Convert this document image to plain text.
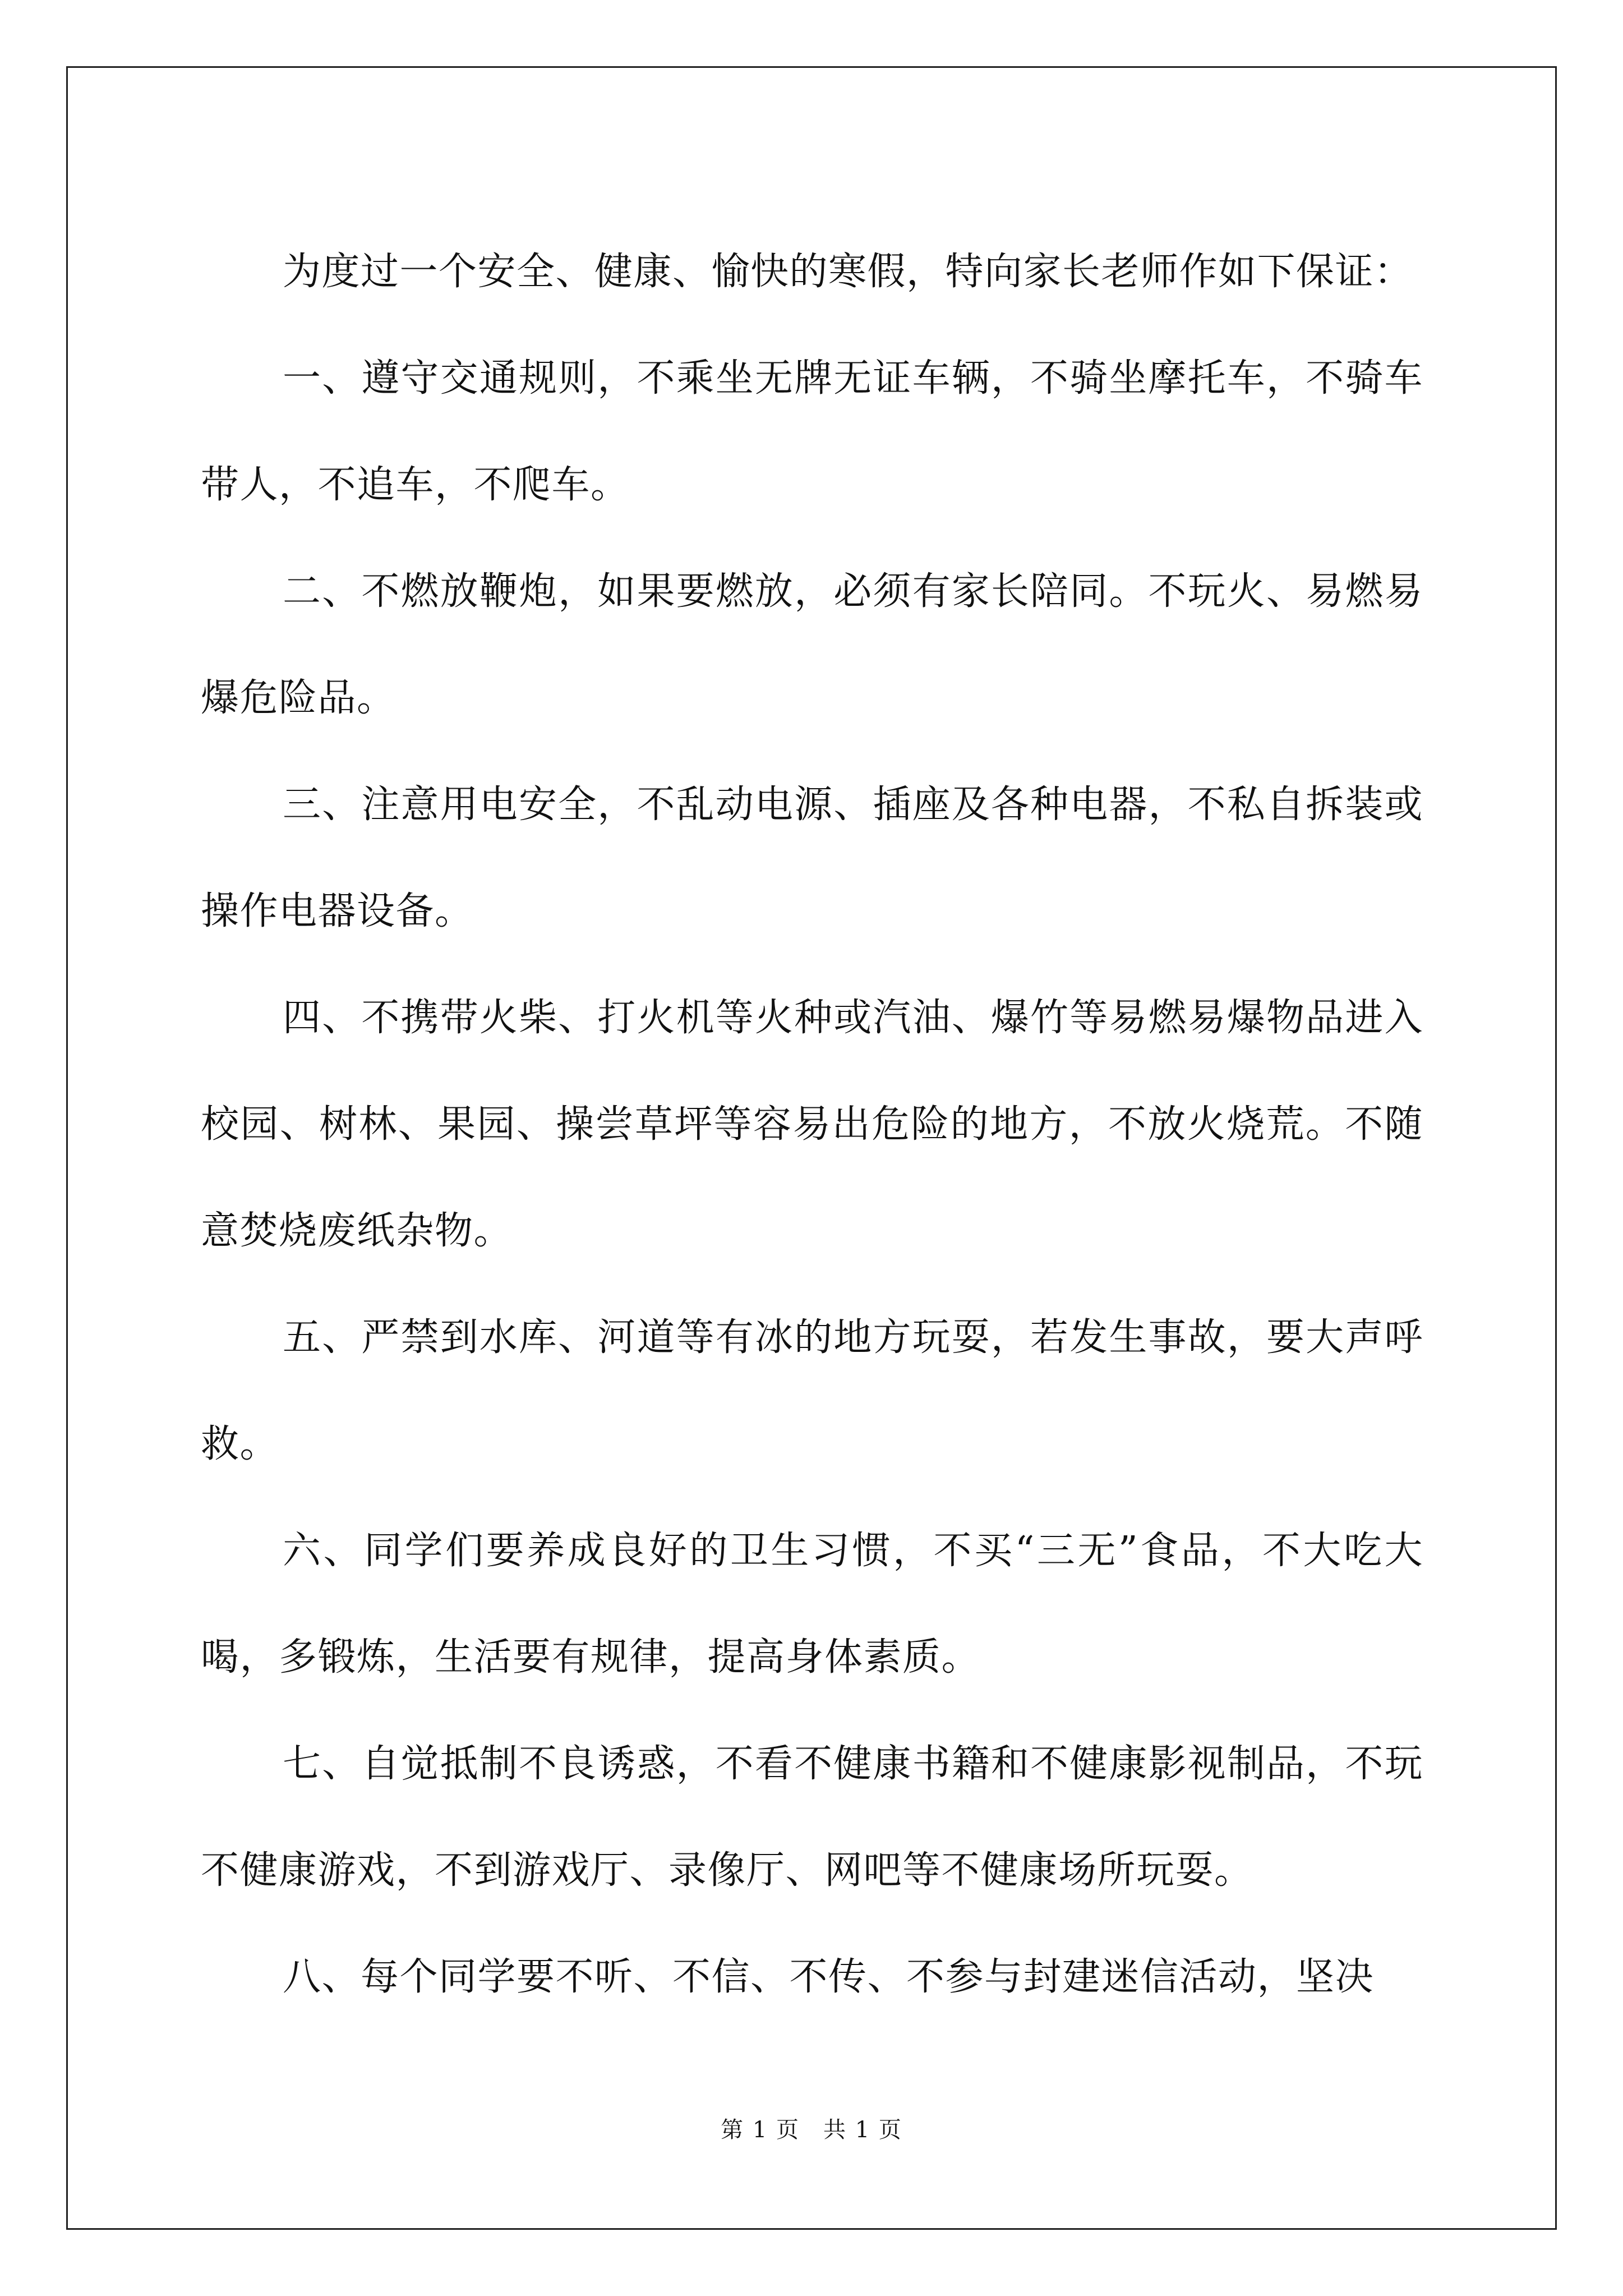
为度过一个安全、健康、愉快的寒假，特向家长老师作如下保证：

一、遵守交通规则，不乘坐无牌无证车辆，不骑坐摩托车，不骑车带人，不追车，不爬车。

二、不燃放鞭炮，如果要燃放，必须有家长陪同。不玩火、易燃易爆危险品。

三、注意用电安全，不乱动电源、插座及各种电器，不私自拆装或操作电器设备。

四、不携带火柴、打火机等火种或汽油、爆竹等易燃易爆物品进入校园、树林、果园、操尝草坪等容易出危险的地方，不放火烧荒。不随意焚烧废纸杂物。

五、严禁到水库、河道等有冰的地方玩耍，若发生事故，要大声呼救。

六、同学们要养成良好的卫生习惯，不买“三无”食品，不大吃大喝，多锻炼，生活要有规律，提高身体素质。

七、自觉抵制不良诱惑，不看不健康书籍和不健康影视制品，不玩不健康游戏，不到游戏厅、录像厅、网吧等不健康场所玩耍。

八、每个同学要不听、不信、不传、不参与封建迷信活动，坚决

第 1 页　共 1 页
